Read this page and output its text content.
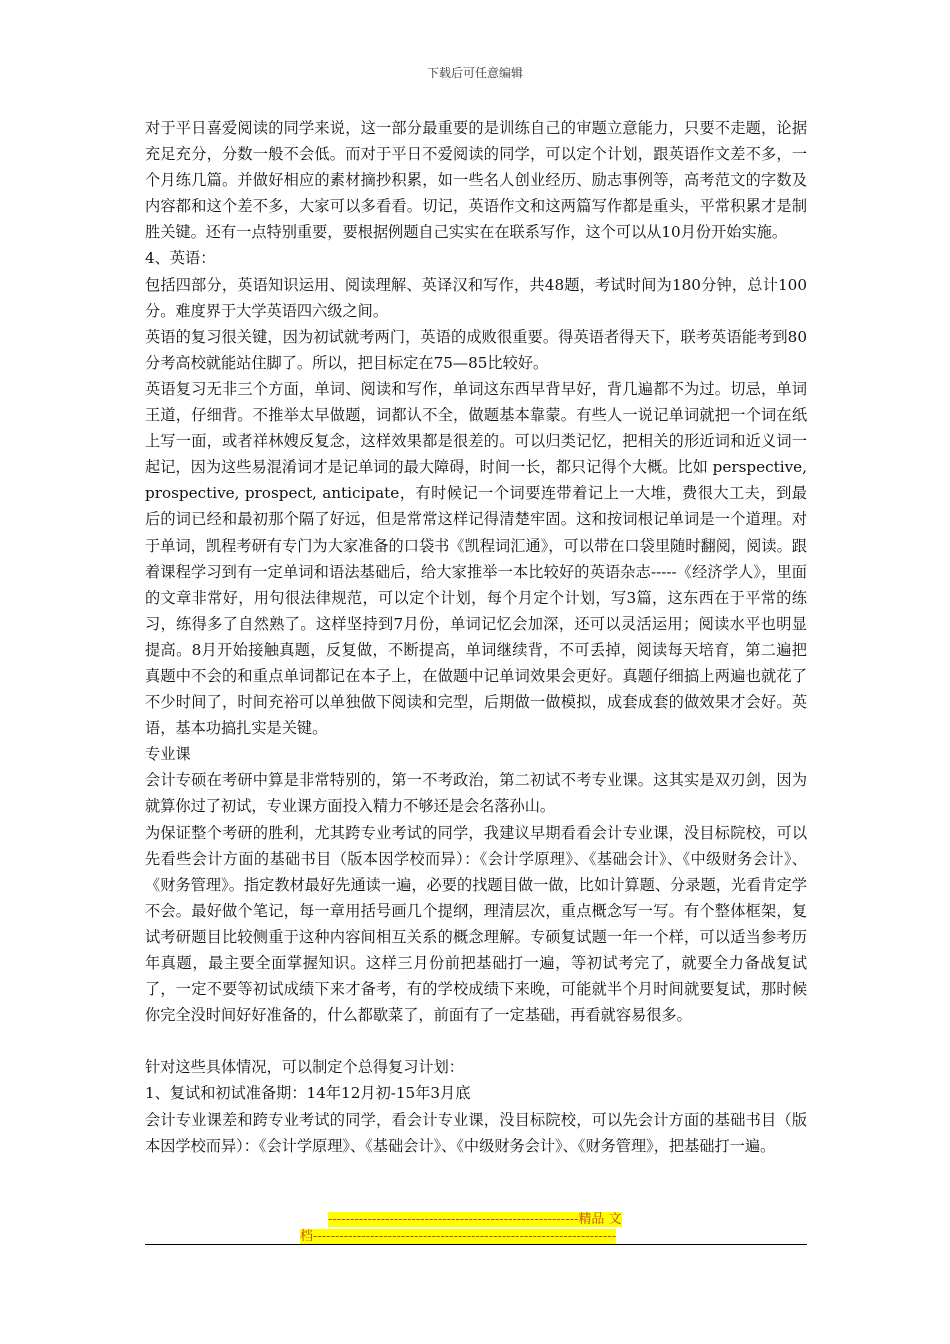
下载后可任意编辑

对于平日喜爱阅读的同学来说，这一部分最重要的是训练自己的审题立意能力，只要不走题，论据充足充分，分数一般不会低。而对于平日不爱阅读的同学，可以定个计划，跟英语作文差不多，一个月练几篇。并做好相应的素材摘抄积累，如一些名人创业经历、励志事例等，高考范文的字数及内容都和这个差不多，大家可以多看看。切记，英语作文和这两篇写作都是重头，平常积累才是制胜关键。还有一点特别重要，要根据例题自己实实在在联系写作，这个可以从10月份开始实施。

4、英语：

包括四部分，英语知识运用、阅读理解、英译汉和写作，共48题，考试时间为180分钟，总计100分。难度界于大学英语四六级之间。

英语的复习很关键，因为初试就考两门，英语的成败很重要。得英语者得天下，联考英语能考到80分考高校就能站住脚了。所以，把目标定在75—85比较好。

英语复习无非三个方面，单词、阅读和写作，单词这东西早背早好，背几遍都不为过。切忌，单词王道，仔细背。不推举太早做题，词都认不全，做题基本靠蒙。有些人一说记单词就把一个词在纸上写一面，或者祥林嫂反复念，这样效果都是很差的。可以归类记忆，把相关的形近词和近义词一起记，因为这些易混淆词才是记单词的最大障碍，时间一长，都只记得个大概。比如 perspective, prospective, prospect, anticipate，有时候记一个词要连带着记上一大堆，费很大工夫，到最后的词已经和最初那个隔了好远，但是常常这样记得清楚牢固。这和按词根记单词是一个道理。对于单词，凯程考研有专门为大家准备的口袋书《凯程词汇通》，可以带在口袋里随时翻阅，阅读。跟着课程学习到有一定单词和语法基础后，给大家推举一本比较好的英语杂志-----《经济学人》，里面的文章非常好，用句很法律规范，可以定个计划，每个月定个计划，写3篇，这东西在于平常的练习，练得多了自然熟了。这样坚持到7月份，单词记忆会加深，还可以灵活运用；阅读水平也明显提高。8月开始接触真题，反复做，不断提高，单词继续背，不可丢掉，阅读每天培育，第二遍把真题中不会的和重点单词都记在本子上，在做题中记单词效果会更好。真题仔细搞上两遍也就花了不少时间了，时间充裕可以单独做下阅读和完型，后期做一做模拟，成套成套的做效果才会好。英语，基本功搞扎实是关键。

专业课

会计专硕在考研中算是非常特别的，第一不考政治，第二初试不考专业课。这其实是双刃剑，因为就算你过了初试，专业课方面投入精力不够还是会名落孙山。

为保证整个考研的胜利，尤其跨专业考试的同学，我建议早期看看会计专业课，没目标院校，可以先看些会计方面的基础书目（版本因学校而异）：《会计学原理》、《基础会计》、《中级财务会计》、《财务管理》。指定教材最好先通读一遍，必要的找题目做一做，比如计算题、分录题，光看肯定学不会。最好做个笔记，每一章用括号画几个提纲，理清层次，重点概念写一写。有个整体框架，复试考研题目比较侧重于这种内容间相互关系的概念理解。专硕复试题一年一个样，可以适当参考历年真题，最主要全面掌握知识。这样三月份前把基础打一遍，等初试考完了，就要全力备战复试了，一定不要等初试成绩下来才备考，有的学校成绩下来晚，可能就半个月时间就要复试，那时候你完全没时间好好准备的，什么都歇菜了，前面有了一定基础，再看就容易很多。

针对这些具体情况，可以制定个总得复习计划：

1、复试和初试准备期：14年12月初-15年3月底

会计专业课差和跨专业考试的同学，看会计专业课，没目标院校，可以先会计方面的基础书目（版本因学校而异）：《会计学原理》、《基础会计》、《中级财务会计》、《财务管理》，把基础打一遍。

---------------------------------------------------------精品 文
档---------------------------------------------------------------------
